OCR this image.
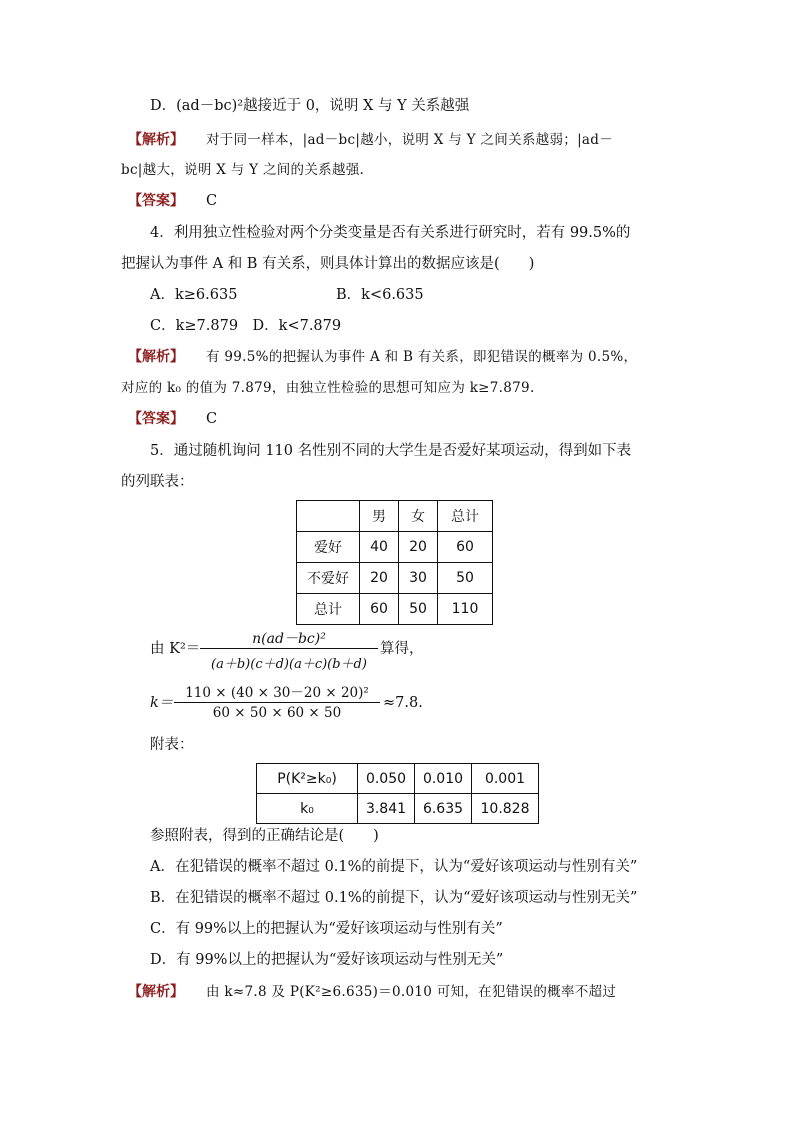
D．(ad－bc)²越接近于 0，说明 X 与 Y 关系越强
【解析】 对于同一样本，|ad－bc|越小，说明 X 与 Y 之间关系越弱；|ad－
bc|越大，说明 X 与 Y 之间的关系越强.
【答案】 C
4．利用独立性检验对两个分类变量是否有关系进行研究时，若有 99.5%的
把握认为事件 A 和 B 有关系，则具体计算出的数据应该是(　　)
A．k≥6.635	B．k<6.635
C．k≥7.879　D．k<7.879
【解析】 有 99.5%的把握认为事件 A 和 B 有关系，即犯错误的概率为 0.5%，
对应的 k₀ 的值为 7.879，由独立性检验的思想可知应为 k≥7.879.
【答案】 C
5．通过随机询问 110 名性别不同的大学生是否爱好某项运动，得到如下表
的列联表：
	男	女	总计
爱好	40	20	60
不爱好	20	30	50
总计	60	50	110
由 K²＝
n(ad－bc)²
(a＋b)(c＋d)(a＋c)(b＋d)
算得，
k＝
110 × (40 × 30－20 × 20)²
60 × 50 × 60 × 50
≈7.8.
附表：
P(K²≥k₀)	0.050	0.010	0.001
k₀	3.841	6.635	10.828
参照附表，得到的正确结论是(　　)
A．在犯错误的概率不超过 0.1%的前提下，认为“爱好该项运动与性别有关”
B．在犯错误的概率不超过 0.1%的前提下，认为“爱好该项运动与性别无关”
C．有 99%以上的把握认为“爱好该项运动与性别有关”
D．有 99%以上的把握认为“爱好该项运动与性别无关”
【解析】 由 k≈7.8 及 P(K²≥6.635)＝0.010 可知，在犯错误的概率不超过
